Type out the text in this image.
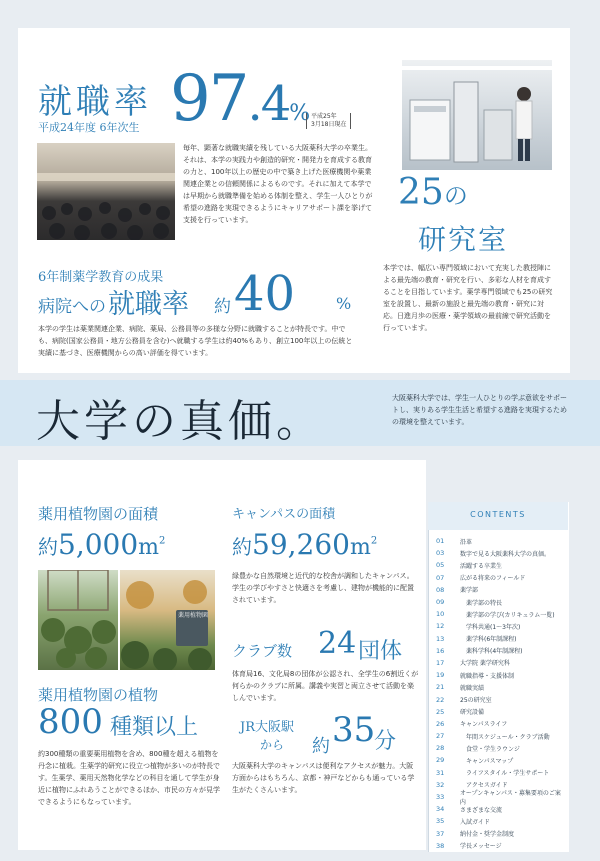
就職率
平成24年度 6年次生 97.4% 平成25年
3月18日現在
毎年、顕著な就職実績を残している大阪薬科大学の卒業生。それは、本学の実践力や創造的研究・開発力を育成する教育の力と、100年以上の歴史の中で築き上げた医療機関や薬業関連企業との信頼関係によるものです。それに加えて本学では早期から就職準備を始める体制を整え、学生一人ひとりが希望の進路を実現できるようにキャリアサポート課を挙げて支援を行っています。
25の
研究室
本学では、幅広い専門領域において充実した教授陣による最先端の教育・研究を行い、多彩な人材を育成することを目指しています。薬学専門領域でも25の研究室を設置し、最新の施設と最先端の教育・研究に対応。日進月歩の医療・薬学領域の最前線で研究活動を行っています。
6年制薬学教育の成果
病院への 就職率 約 40	%
本学の学生は薬業関連企業、病院、薬局、公務員等の多様な分野に就職することが特長です。中でも、病院(国家公務員・地方公務員を含む)へ就職する学生は約40%もあり、創立100年以上の伝統と実績に基づき、医療機関からの高い評価を得ています。
大学の真価。	大阪薬科大学では、学生一人ひとりの学ぶ意欲をサポートし、実りある学生生活と希望する進路を実現するための環境を整えています。
薬用植物園の面積
約$5,000m^2$
薬用植物園
キャンパスの面積
約$59,260m^2$
緑豊かな自然環境と近代的な校舎が調和したキャンパス。学生の学びやすさと快適さを考慮し、建物が機能的に配置されています。
クラブ数 24 団体
体育局16、文化局8の団体が公認され、全学生の6割近くが何らかのクラブに所属。講義や実習と両立させて活動を楽しんでいます。
薬用植物園の植物
800 種類以上
約300種類の重要薬用植物を含め、800種を超える植物を丹念に植栽。生薬学的研究に役立つ植物が多いのが特長です。生薬学、薬用天然物化学などの科目を通して学生が身近に植物にふれあうことができるほか、市民の方々が見学できるようにもなっています。
JR大阪駅
から 約 35
分
大阪薬科大学のキャンパスは便利なアクセスが魅力。大阪方面からはもちろん、京都・神戸などからも通っている学生がたくさんいます。
CONTENTS
01	沿革
03	数字で見る大阪薬科大学の真価。
05	活躍する卒業生
07	広がる将来のフィールド
08	薬学部
09	　薬学部の特長
10	　薬学部の学び(カリキュラム一覧)
12	　学科共通(1〜3年次)
13	　薬学科(6年制課程)
16	　薬科学科(4年制課程)
17	大学院 薬学研究科
19	就職指導・支援体制
21	就職実績
22	25の研究室
25	研究設備
26	キャンパスライフ
27	　年間スケジュール・クラブ活動
28	　食堂・学生ラウンジ
29	　キャンパスマップ
31	　ライフスタイル・学生サポート
32	　アクセスガイド
33	オープンキャンパス・募集要項のご案内
34	さまざまな交流
35	入試ガイド
37	納付金・奨学金制度
38	学長メッセージ
